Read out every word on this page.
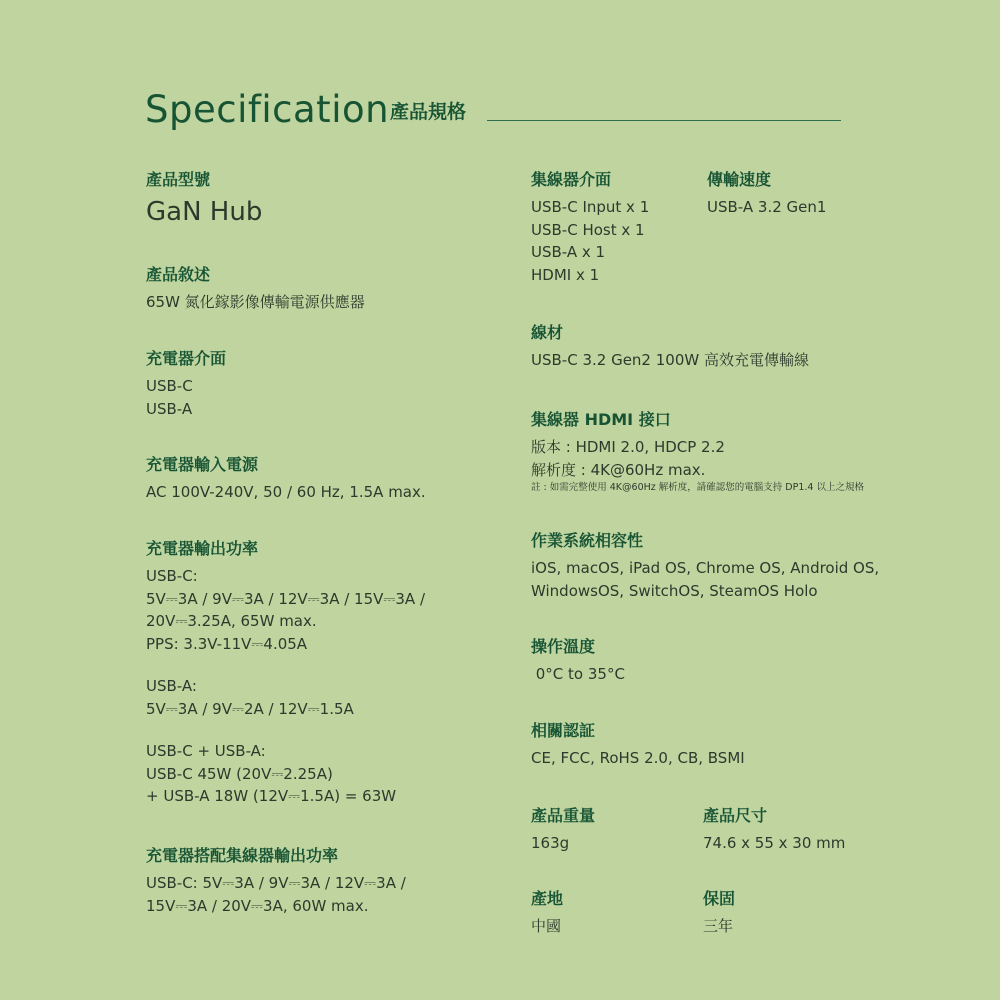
Specification 產品規格
產品型號
GaN Hub
產品敘述
65W 氮化鎵影像傳輸電源供應器
充電器介面
USB-C
USB-A
充電器輸入電源
AC 100V-240V, 50 / 60 Hz, 1.5A max.
充電器輸出功率
USB-C:
5V⎓3A / 9V⎓3A / 12V⎓3A / 15V⎓3A /
20V⎓3.25A, 65W max.
PPS: 3.3V-11V⎓4.05A
USB-A:
5V⎓3A / 9V⎓2A / 12V⎓1.5A
USB-C + USB-A:
USB-C 45W (20V⎓2.25A)
+ USB-A 18W (12V⎓1.5A) = 63W
充電器搭配集線器輸出功率
USB-C: 5V⎓3A / 9V⎓3A / 12V⎓3A /
15V⎓3A / 20V⎓3A, 60W max.
集線器介面
USB-C Input x 1
USB-C Host x 1
USB-A x 1
HDMI x 1
傳輸速度
USB-A 3.2 Gen1
線材
USB-C 3.2 Gen2 100W 高效充電傳輸線
集線器 HDMI 接口
版本 : HDMI 2.0, HDCP 2.2
解析度 : 4K@60Hz max.
註 : 如需完整使用 4K@60Hz 解析度，請確認您的電腦支持 DP1.4 以上之規格
作業系統相容性
iOS, macOS, iPad OS, Chrome OS, Android OS,
WindowsOS, SwitchOS, SteamOS Holo
操作溫度
0°C to 35°C
相關認証
CE, FCC, RoHS 2.0, CB, BSMI
產品重量
163g
產品尺寸
74.6 x 55 x 30 mm
產地
中國
保固
三年
